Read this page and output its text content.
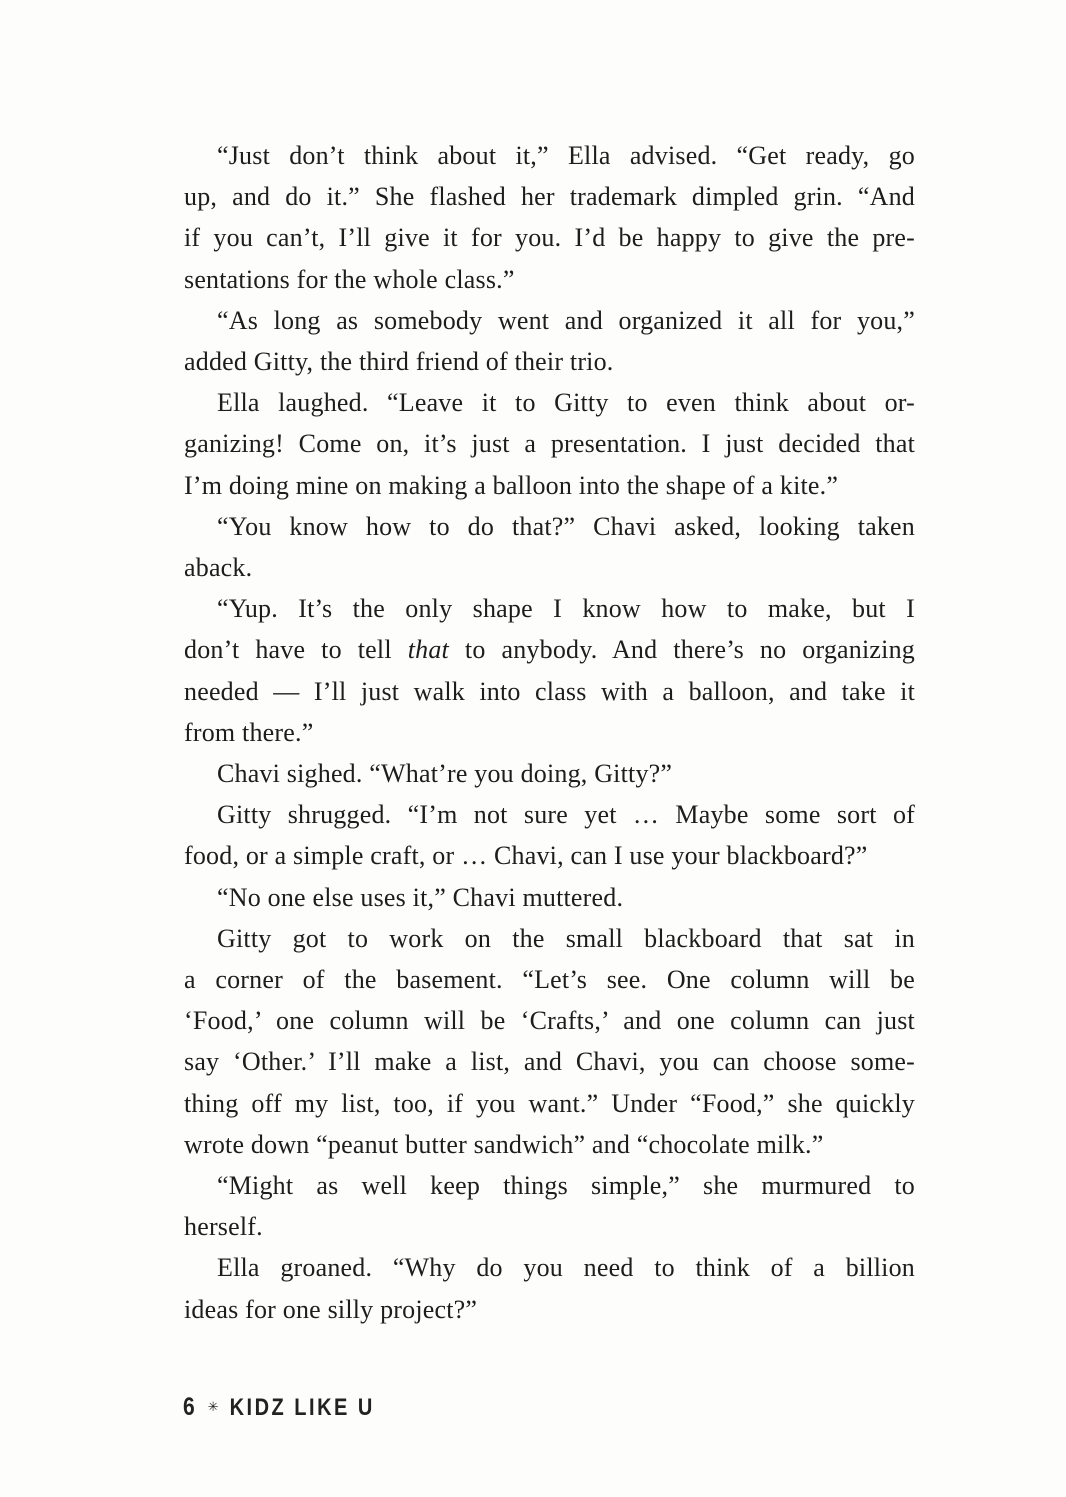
“Just don’t think about it,” Ella advised. “Get ready, go
up, and do it.” She flashed her trademark dimpled grin. “And
if you can’t, I’ll give it for you. I’d be happy to give the pre-
sentations for the whole class.”
“As long as somebody went and organized it all for you,”
added Gitty, the third friend of their trio.
Ella laughed. “Leave it to Gitty to even think about or-
ganizing! Come on, it’s just a presentation. I just decided that
I’m doing mine on making a balloon into the shape of a kite.”
“You know how to do that?” Chavi asked, looking taken
aback.
“Yup. It’s the only shape I know how to make, but I
don’t have to tell that to anybody. And there’s no organizing
needed — I’ll just walk into class with a balloon, and take it
from there.”
Chavi sighed. “What’re you doing, Gitty?”
Gitty shrugged. “I’m not sure yet … Maybe some sort of
food, or a simple craft, or … Chavi, can I use your blackboard?”
“No one else uses it,” Chavi muttered.
Gitty got to work on the small blackboard that sat in
a corner of the basement. “Let’s see. One column will be
‘Food,’ one column will be ‘Crafts,’ and one column can just
say ‘Other.’ I’ll make a list, and Chavi, you can choose some-
thing off my list, too, if you want.” Under “Food,” she quickly
wrote down “peanut butter sandwich” and “chocolate milk.”
“Might as well keep things simple,” she murmured to
herself.
Ella groaned. “Why do you need to think of a billion
ideas for one silly project?”
6 ✳ KIDZ LIKE U
